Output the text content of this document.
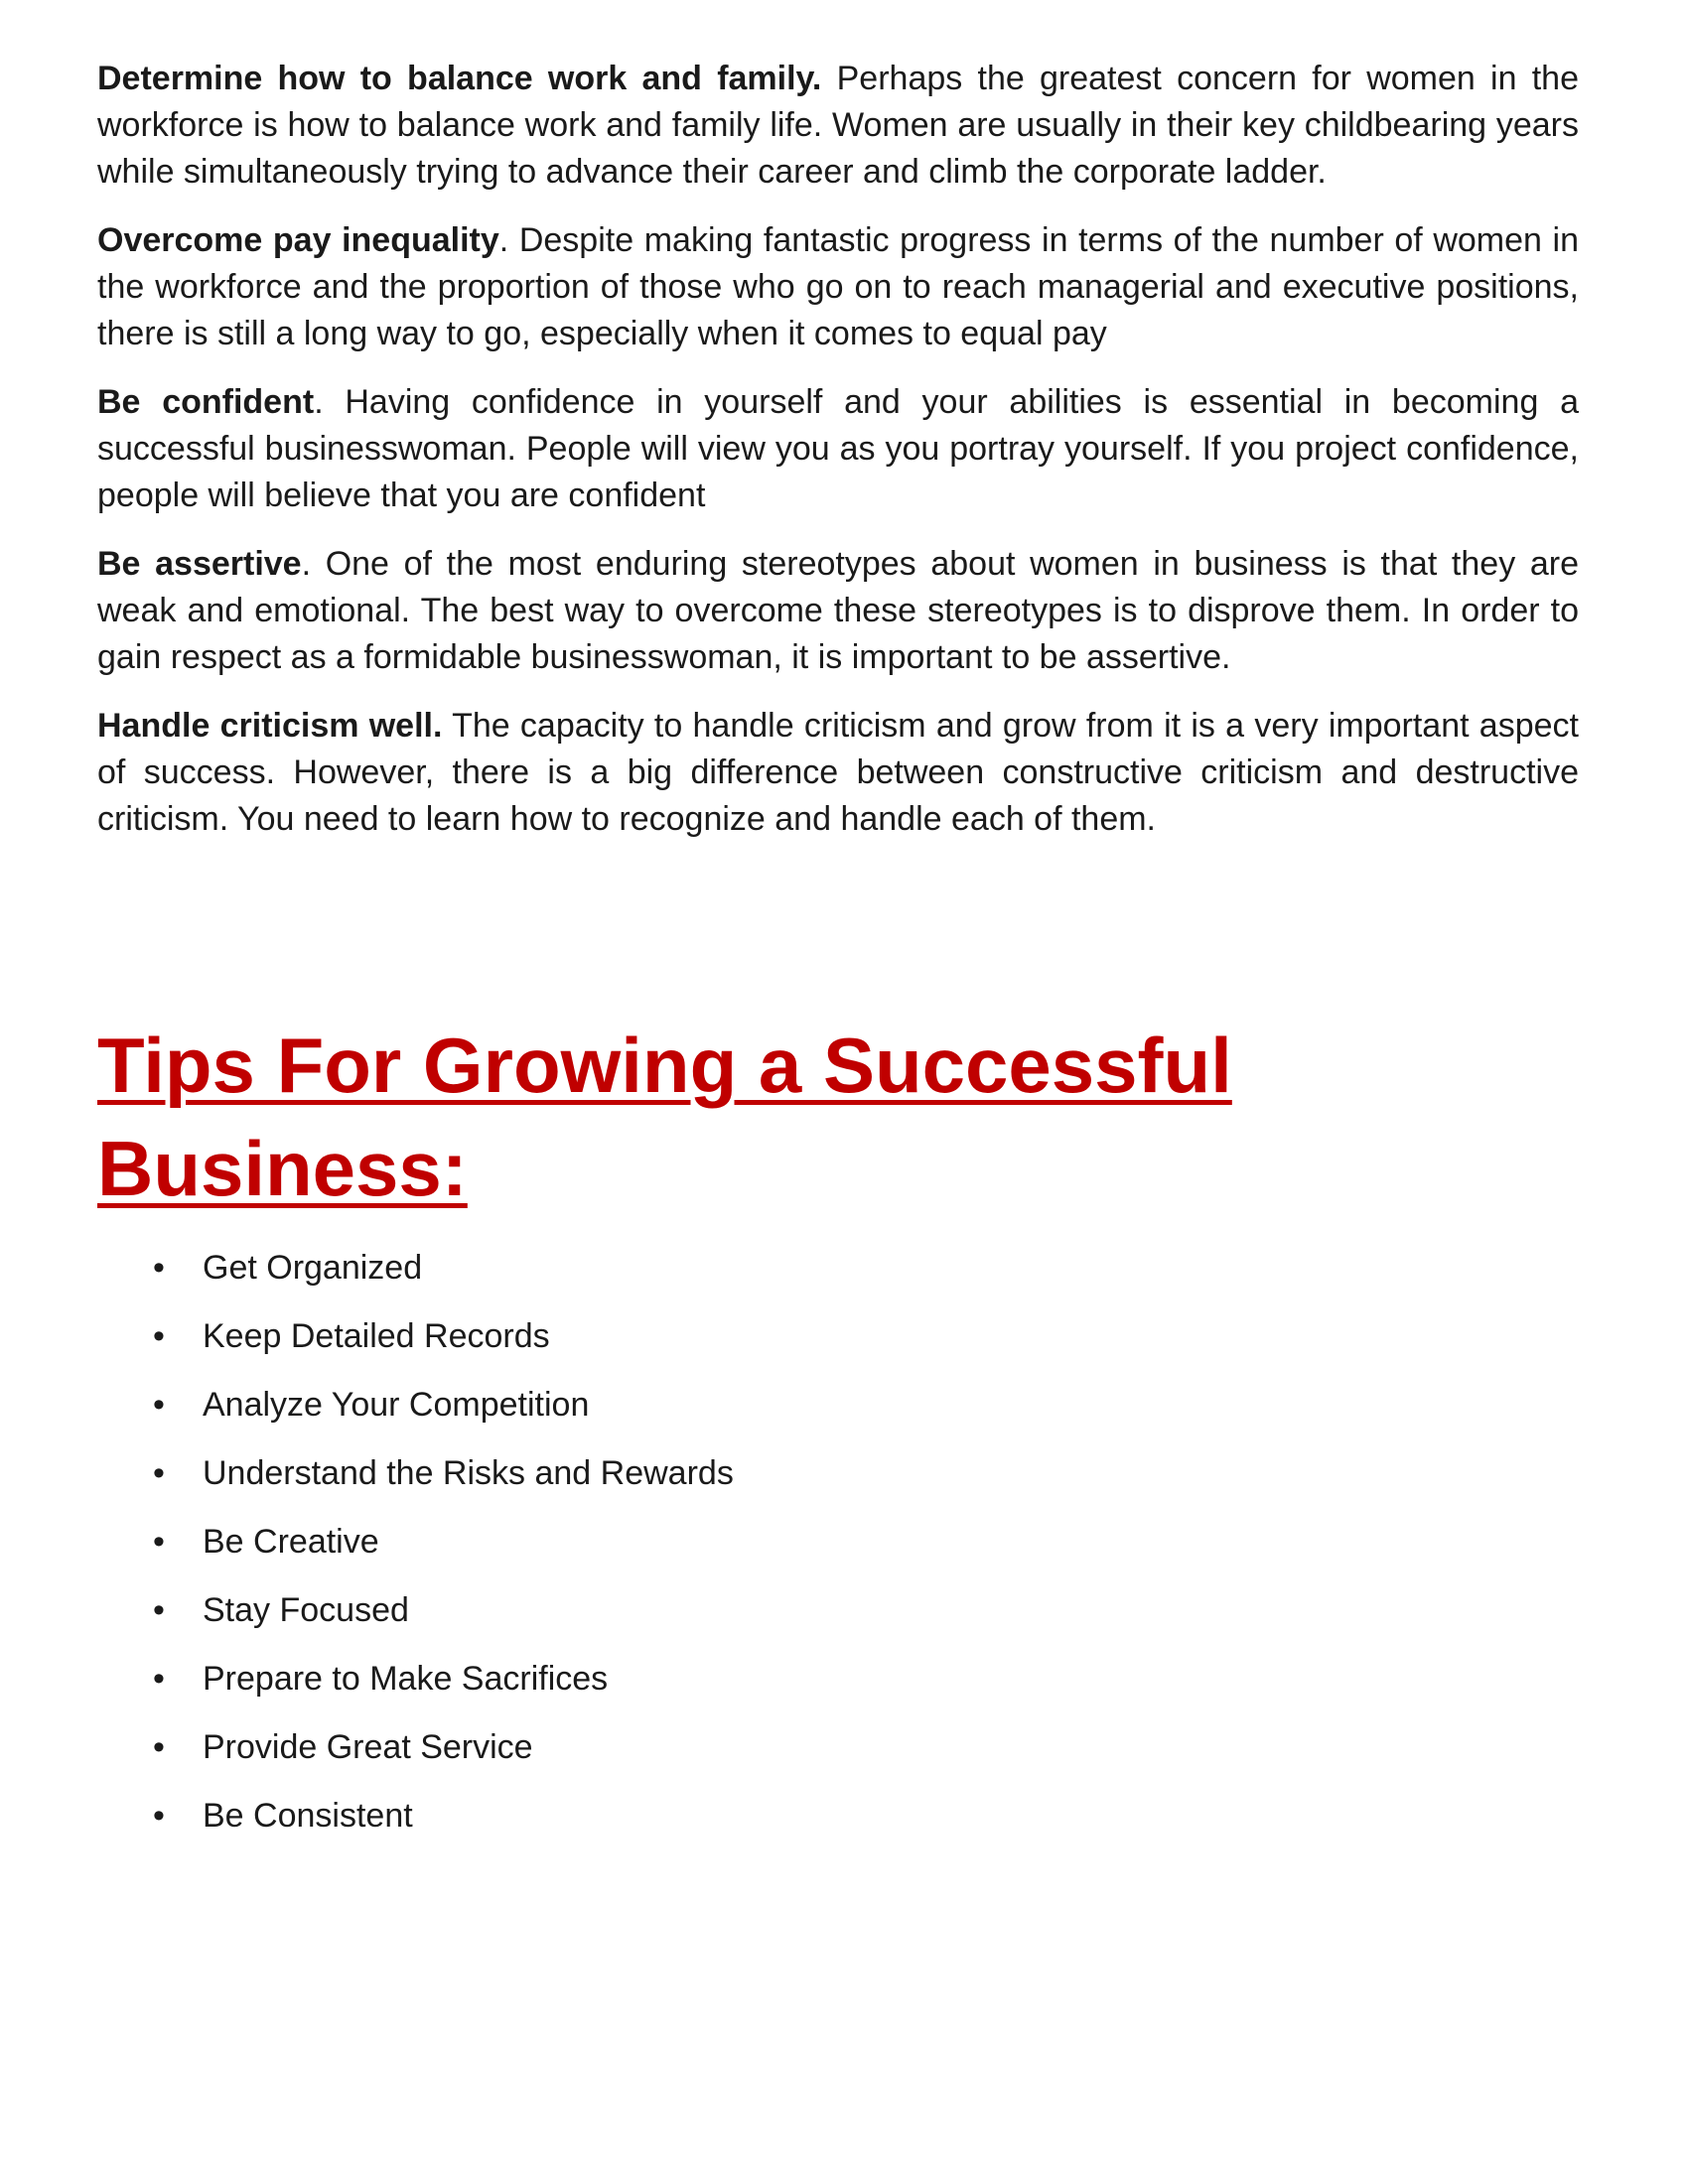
Determine how to balance work and family. Perhaps the greatest concern for women in the workforce is how to balance work and family life. Women are usually in their key childbearing years while simultaneously trying to advance their career and climb the corporate ladder.

Overcome pay inequality. Despite making fantastic progress in terms of the number of women in the workforce and the proportion of those who go on to reach managerial and executive positions, there is still a long way to go, especially when it comes to equal pay

Be confident. Having confidence in yourself and your abilities is essential in becoming a successful businesswoman. People will view you as you portray yourself. If you project confidence, people will believe that you are confident

Be assertive. One of the most enduring stereotypes about women in business is that they are weak and emotional. The best way to overcome these stereotypes is to disprove them. In order to gain respect as a formidable businesswoman, it is important to be assertive.

Handle criticism well. The capacity to handle criticism and grow from it is a very important aspect of success. However, there is a big difference between constructive criticism and destructive criticism. You need to learn how to recognize and handle each of them.

Tips For Growing a Successful Business:
• Get Organized
• Keep Detailed Records
• Analyze Your Competition
• Understand the Risks and Rewards
• Be Creative
• Stay Focused
• Prepare to Make Sacrifices
• Provide Great Service
• Be Consistent
